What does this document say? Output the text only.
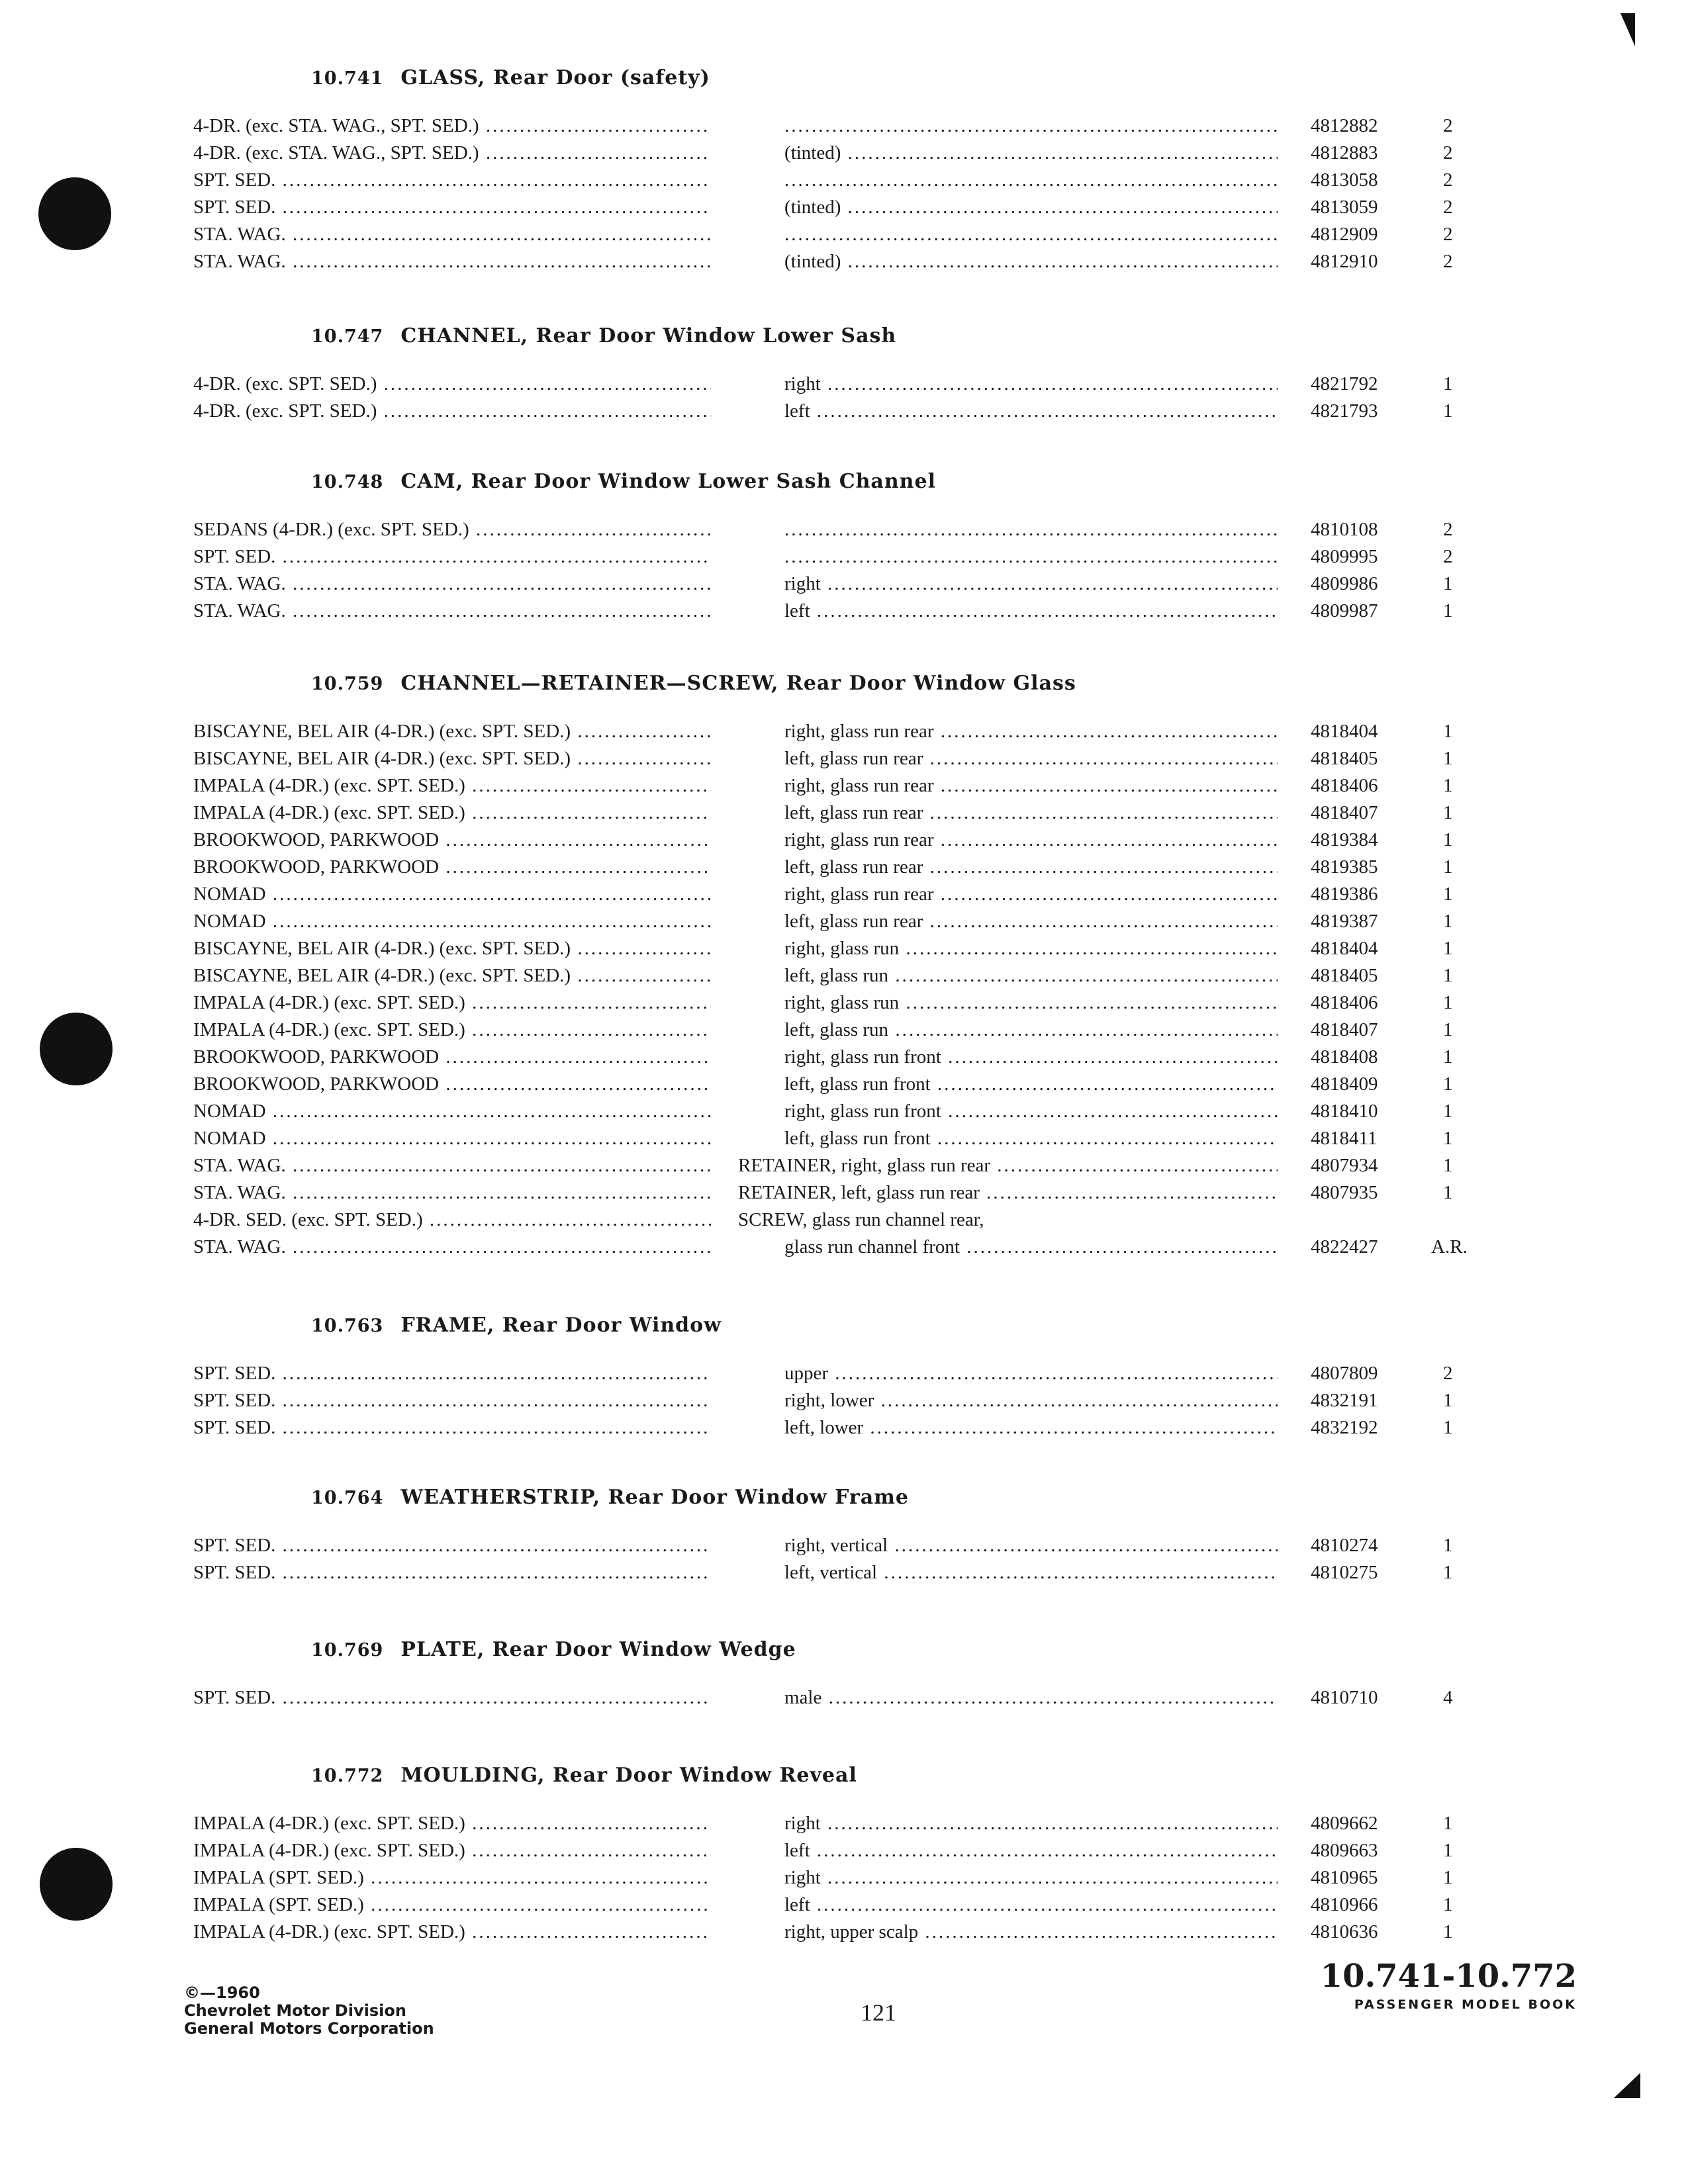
10.741 GLASS, Rear Door (safety)
4-DR. (exc. STA. WAG., SPT. SED.) ..... .....	4812882	2
4-DR. (exc. STA. WAG., SPT. SED.) .....	(tinted) .....	4812883	2
SPT. SED. ..... .....	4813058	2
SPT. SED. .....	(tinted) .....	4813059	2
STA. WAG. ..... .....	4812909	2
STA. WAG. .....	(tinted) .....	4812910	2
10.747 CHANNEL, Rear Door Window Lower Sash
4-DR. (exc. SPT. SED.) .....	right .....	4821792	1
4-DR. (exc. SPT. SED.) .....	left .....	4821793	1
10.748 CAM, Rear Door Window Lower Sash Channel
SEDANS (4-DR.) (exc. SPT. SED.) ..... .....	4810108	2
SPT. SED. ..... .....	4809995	2
STA. WAG. .....	right .....	4809986	1
STA. WAG. .....	left .....	4809987	1
10.759 CHANNEL—RETAINER—SCREW, Rear Door Window Glass
BISCAYNE, BEL AIR (4-DR.) (exc. SPT. SED.) .....	right, glass run rear .....	4818404	1
BISCAYNE, BEL AIR (4-DR.) (exc. SPT. SED.) .....	left, glass run rear .....	4818405	1
IMPALA (4-DR.) (exc. SPT. SED.) .....	right, glass run rear .....	4818406	1
IMPALA (4-DR.) (exc. SPT. SED.) .....	left, glass run rear .....	4818407	1
BROOKWOOD, PARKWOOD .....	right, glass run rear .....	4819384	1
BROOKWOOD, PARKWOOD .....	left, glass run rear .....	4819385	1
NOMAD .....	right, glass run rear .....	4819386	1
NOMAD .....	left, glass run rear .....	4819387	1
BISCAYNE, BEL AIR (4-DR.) (exc. SPT. SED.) .....	right, glass run .....	4818404	1
BISCAYNE, BEL AIR (4-DR.) (exc. SPT. SED.) .....	left, glass run .....	4818405	1
IMPALA (4-DR.) (exc. SPT. SED.) .....	right, glass run .....	4818406	1
IMPALA (4-DR.) (exc. SPT. SED.) .....	left, glass run .....	4818407	1
BROOKWOOD, PARKWOOD .....	right, glass run front .....	4818408	1
BROOKWOOD, PARKWOOD .....	left, glass run front .....	4818409	1
NOMAD .....	right, glass run front .....	4818410	1
NOMAD .....	left, glass run front .....	4818411	1
STA. WAG. .....	RETAINER, right, glass run rear .....	4807934	1
STA. WAG. .....	RETAINER, left, glass run rear .....	4807935	1
4-DR. SED. (exc. SPT. SED.) .....	SCREW, glass run channel rear,
STA. WAG. .....	glass run channel front .....	4822427	A.R.
10.763 FRAME, Rear Door Window
SPT. SED. .....	upper .....	4807809	2
SPT. SED. .....	right, lower .....	4832191	1
SPT. SED. .....	left, lower .....	4832192	1
10.764 WEATHERSTRIP, Rear Door Window Frame
SPT. SED. .....	right, vertical .....	4810274	1
SPT. SED. .....	left, vertical .....	4810275	1
10.769 PLATE, Rear Door Window Wedge
SPT. SED. .....	male .....	4810710	4
10.772 MOULDING, Rear Door Window Reveal
IMPALA (4-DR.) (exc. SPT. SED.) .....	right .....	4809662	1
IMPALA (4-DR.) (exc. SPT. SED.) .....	left .....	4809663	1
IMPALA (SPT. SED.) .....	right .....	4810965	1
IMPALA (SPT. SED.) .....	left .....	4810966	1
IMPALA (4-DR.) (exc. SPT. SED.) .....	right, upper scalp .....	4810636	1
©—1960
Chevrolet Motor Division
General Motors Corporation
121
10.741-10.772
PASSENGER MODEL BOOK
